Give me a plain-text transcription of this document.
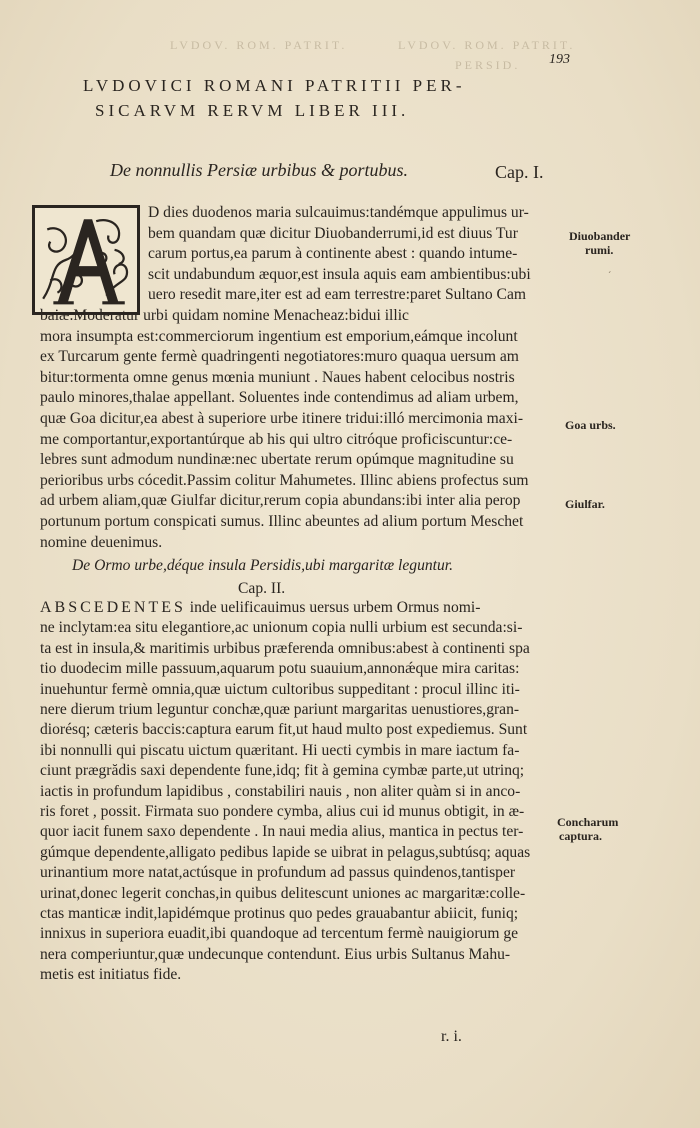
LVDOV. ROM. PATRIT.	LVDOV. ROM. PATRIT.
PERSID. 193
LVDOVICI ROMANI PATRITII PER-
SICARVM RERVM LIBER III.
De nonnullis Persiæ urbibus & portubus.	Cap. I.
D dies duodenos maria sulcauimus:tandémque appulimus ur-
bem quandam quæ dicitur Diuobanderrumi,id est diuus Tur
carum portus,ea parum à continente abest : quando intume-
scit undabundum æquor,est insula aquis eam ambientibus:ubi
uero resedit mare,iter est ad eam terrestre:paret Sultano Cam
baiæ.Moderatur urbi quidam nomine Menacheaz:bidui illic
mora insumpta est:commerciorum ingentium est emporium,eámque incolunt
ex Turcarum gente fermè quadringenti negotiatores:muro quaqua uersum am
bitur:tormenta omne genus mœnia muniunt . Naues habent celocibus nostris
paulo minores,thalae appellant. Soluentes inde contendimus ad aliam urbem,
quæ Goa dicitur,ea abest à superiore urbe itinere tridui:illó mercimonia maxi-
me comportantur,exportantúrque ab his qui ultro citróque proficiscuntur:ce-
lebres sunt admodum nundinæ:nec ubertate rerum opúmque magnitudine su
perioribus urbs cócedit.Passim colitur Mahumetes. Illinc abiens profectus sum
ad urbem aliam,quæ Giulfar dicitur,rerum copia abundans:ibi inter alia perop
portunum portum conspicati sumus. Illinc abeuntes ad alium portum Meschet
nomine deuenimus.
Diuobander
rumi.
ˊ
Goa urbs.
Giulfar.
De Ormo urbe,déque insula Persidis,ubi margaritæ leguntur.
Cap. II.
ABSCEDENTES inde uelificauimus uersus urbem Ormus nomi-
ne inclytam:ea situ elegantiore,ac unionum copia nulli urbium est secunda:si-
ta est in insula,& maritimis urbibus præferenda omnibus:abest à continenti spa
tio duodecim mille passuum,aquarum potu suauium,annonǽque mira caritas:
inuehuntur fermè omnia,quæ uictum cultoribus suppeditant : procul illinc iti-
nere dierum trium leguntur conchæ,quæ pariunt margaritas uenustiores,gran-
diorésq; cæteris baccis:captura earum fit,ut haud multo post expediemus. Sunt
ibi nonnulli qui piscatu uictum quæritant. Hi uecti cymbis in mare iactum fa-
ciunt prægrădis saxi dependente fune,idq; fit à gemina cymbæ parte,ut utrinq;
iactis in profundum lapidibus , constabiliri nauis , non aliter quàm si in anco-
ris foret , possit. Firmata suo pondere cymba, alius cui id munus obtigit, in æ-
quor iacit funem saxo dependente . In naui media alius, mantica in pectus ter-
gúmque dependente,alligato pedibus lapide se uibrat in pelagus,subtúsq; aquas
urinantium more natat,actúsque in profundum ad passus quindenos,tantisper
urinat,donec legerit conchas,in quibus delitescunt uniones ac margaritæ:colle-
ctas manticæ indit,lapidémque protinus quo pedes grauabantur abiicit, funiq;
innixus in superiora euadit,ibi quandoque ad tercentum fermè nauigiorum ge
nera comperiuntur,quæ undecunque contendunt. Eius urbis Sultanus Mahu-
metis est initiatus fide.
Concharum
captura.
r. i.
